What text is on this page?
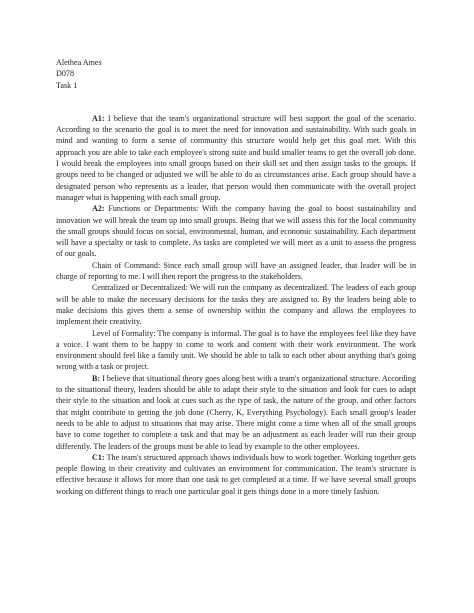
Alethea Ames

D078

Task 1

A1: I believe that the team's organizational structure will best support the goal of the scenario. According to the scenario the goal is to meet the need for innovation and sustainability. With such goals in mind and wanting to form a sense of community this structure would help get this goal met. With this approach you are able to take each employee's strong suite and build smaller teams to get the overall job done. I would break the employees into small groups based on their skill set and then assign tasks to the groups. If groups need to be changed or adjusted we will be able to do as circumstances arise. Each group should have a designated person who represents as a leader, that person would then communicate with the overall project manager what is happening with each small group.

A2: Functions or Departments: With the company having the goal to boost sustainability and innovation we will break the team up into small groups. Being that we will assess this for the local community the small groups should focus on social, environmental, human, and economic sustainability. Each department will have a specialty or task to complete. As tasks are completed we will meet as a unit to assess the progress of our goals.

Chain of Command: Since each small group will have an assigned leader, that leader will be in charge of reporting to me. I will then report the progress to the stakeholders.

Centralized or Decentralized: We will run the company as decentralized. The leaders of each group will be able to make the necessary decisions for the tasks they are assigned to. By the leaders being able to make decisions this gives them a sense of ownership within the company and allows the employees to implement their creativity.

Level of Formality: The company is informal. The goal is to have the employees feel like they have a voice. I want them to be happy to come to work and content with their work environment. The work environment should feel like a family unit. We should be able to talk to each other about anything that's going wrong with a task or project.

B: I believe that situational theory goes along best with a team's organizational structure. According to the situational theory, leaders should be able to adapt their style to the situation and look for cues to adapt their style to the situation and look at cues such as the type of task, the nature of the group, and other factors that might contribute to getting the job done (Cherry, K, Everything Psychology). Each small group's leader needs to be able to adjust to situations that may arise. There might come a time when all of the small groups have to come together to complete a task and that may be an adjustment as each leader will run their group differently. The leaders of the groups must be able to lead by example to the other employees.

C1: The team's structured approach shows individuals how to work together. Working together gets people flowing in their creativity and cultivates an environment for communication. The team's structure is effective because it allows for more than one task to get completed at a time. If we have several small groups working on different things to reach one particular goal it gets things done in a more timely fashion.
